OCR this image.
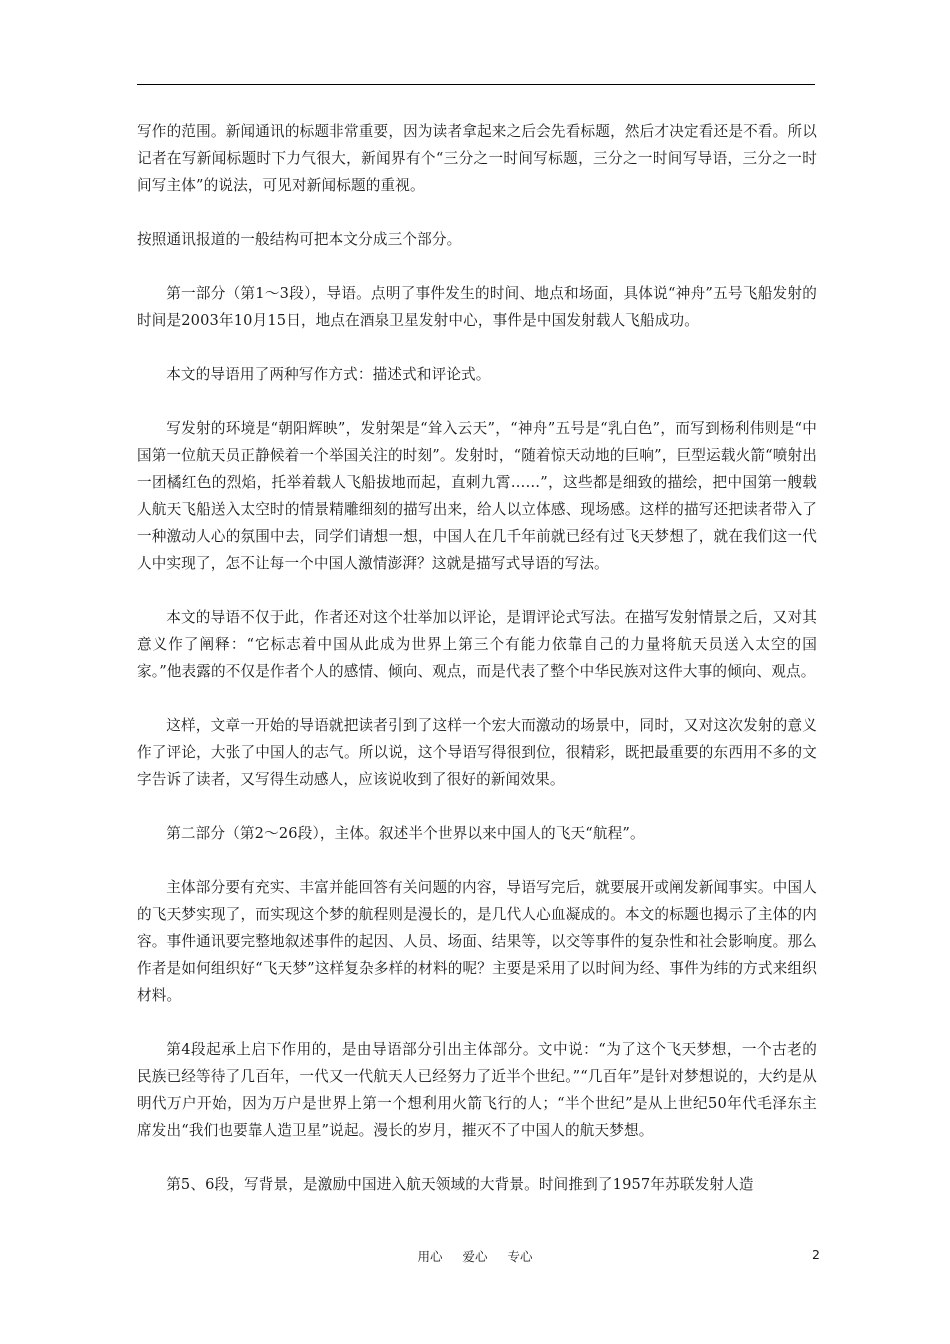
写作的范围。新闻通讯的标题非常重要，因为读者拿起来之后会先看标题，然后才决定看还是不看。所以记者在写新闻标题时下力气很大，新闻界有个“三分之一时间写标题，三分之一时间写导语，三分之一时间写主体”的说法，可见对新闻标题的重视。

按照通讯报道的一般结构可把本文分成三个部分。

第一部分（第1～3段），导语。点明了事件发生的时间、地点和场面，具体说“神舟”五号飞船发射的时间是2003年10月15日，地点在酒泉卫星发射中心，事件是中国发射载人飞船成功。

本文的导语用了两种写作方式：描述式和评论式。

写发射的环境是“朝阳辉映”，发射架是“耸入云天”，“神舟”五号是“乳白色”，而写到杨利伟则是“中国第一位航天员正静候着一个举国关注的时刻”。发射时，“随着惊天动地的巨响”，巨型运载火箭“喷射出一团橘红色的烈焰，托举着载人飞船拔地而起，直刺九霄……”，这些都是细致的描绘，把中国第一艘载人航天飞船送入太空时的情景精雕细刻的描写出来，给人以立体感、现场感。这样的描写还把读者带入了一种激动人心的氛围中去，同学们请想一想，中国人在几千年前就已经有过飞天梦想了，就在我们这一代人中实现了，怎不让每一个中国人激情澎湃？这就是描写式导语的写法。

本文的导语不仅于此，作者还对这个壮举加以评论，是谓评论式写法。在描写发射情景之后，又对其意义作了阐释：“它标志着中国从此成为世界上第三个有能力依靠自己的力量将航天员送入太空的国家。”他表露的不仅是作者个人的感情、倾向、观点，而是代表了整个中华民族对这件大事的倾向、观点。

这样，文章一开始的导语就把读者引到了这样一个宏大而激动的场景中，同时，又对这次发射的意义作了评论，大张了中国人的志气。所以说，这个导语写得很到位，很精彩，既把最重要的东西用不多的文字告诉了读者，又写得生动感人，应该说收到了很好的新闻效果。

第二部分（第2～26段），主体。叙述半个世界以来中国人的飞天“航程”。

主体部分要有充实、丰富并能回答有关问题的内容，导语写完后，就要展开或阐发新闻事实。中国人的飞天梦实现了，而实现这个梦的航程则是漫长的，是几代人心血凝成的。本文的标题也揭示了主体的内容。事件通讯要完整地叙述事件的起因、人员、场面、结果等，以交等事件的复杂性和社会影响度。那么作者是如何组织好“飞天梦”这样复杂多样的材料的呢？主要是采用了以时间为经、事件为纬的方式来组织材料。

第4段起承上启下作用的，是由导语部分引出主体部分。文中说：“为了这个飞天梦想，一个古老的民族已经等待了几百年，一代又一代航天人已经努力了近半个世纪。”“几百年”是针对梦想说的，大约是从明代万户开始，因为万户是世界上第一个想利用火箭飞行的人；“半个世纪”是从上世纪50年代毛泽东主席发出“我们也要靠人造卫星”说起。漫长的岁月，摧灭不了中国人的航天梦想。

第5、6段，写背景，是激励中国进入航天领域的大背景。时间推到了1957年苏联发射人造

用心 爱心 专心	2
